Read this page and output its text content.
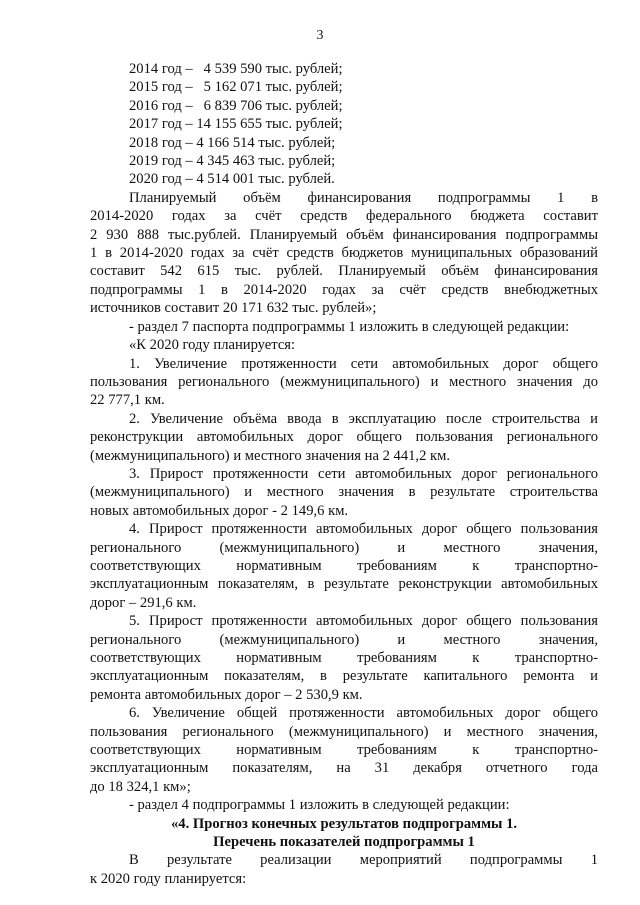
3
2014 год –   4 539 590 тыс. рублей;
2015 год –   5 162 071 тыс. рублей;
2016 год –   6 839 706 тыс. рублей;
2017 год – 14 155 655 тыс. рублей;
2018 год – 4 166 514 тыс. рублей;
2019 год – 4 345 463 тыс. рублей;
2020 год – 4 514 001 тыс. рублей.
Планируемый объём финансирования подпрограммы 1 в
2014-2020 годах за счёт средств федерального бюджета составит
2 930 888 тыс.рублей. Планируемый объём финансирования подпрограммы
1 в 2014-2020 годах за счёт средств бюджетов муниципальных образований
составит 542 615 тыс. рублей. Планируемый объём финансирования
подпрограммы 1 в 2014-2020 годах за счёт средств внебюджетных
источников составит 20 171 632 тыс. рублей»;
- раздел 7 паспорта подпрограммы 1 изложить в следующей редакции:
«К 2020 году планируется:
1. Увеличение протяженности сети автомобильных дорог общего
пользования регионального (межмуниципального) и местного значения до
22 777,1 км.
2. Увеличение объёма ввода в эксплуатацию после строительства и
реконструкции автомобильных дорог общего пользования регионального
(межмуниципального) и местного значения на 2 441,2 км.
3. Прирост протяженности сети автомобильных дорог регионального
(межмуниципального) и местного значения в результате строительства
новых автомобильных дорог - 2 149,6 км.
4. Прирост протяженности автомобильных дорог общего пользования
регионального (межмуниципального) и местного значения,
соответствующих нормативным требованиям к транспортно-
эксплуатационным показателям, в результате реконструкции автомобильных
дорог – 291,6 км.
5. Прирост протяженности автомобильных дорог общего пользования
регионального (межмуниципального) и местного значения,
соответствующих нормативным требованиям к транспортно-
эксплуатационным показателям, в результате капитального ремонта и
ремонта автомобильных дорог – 2 530,9 км.
6. Увеличение общей протяженности автомобильных дорог общего
пользования регионального (межмуниципального) и местного значения,
соответствующих нормативным требованиям к транспортно-
эксплуатационным показателям, на 31 декабря отчетного года
до 18 324,1 км»;
- раздел 4 подпрограммы 1 изложить в следующей редакции:
«4. Прогноз конечных результатов подпрограммы 1.
Перечень показателей подпрограммы 1
В результате реализации мероприятий подпрограммы 1
к 2020 году планируется:
